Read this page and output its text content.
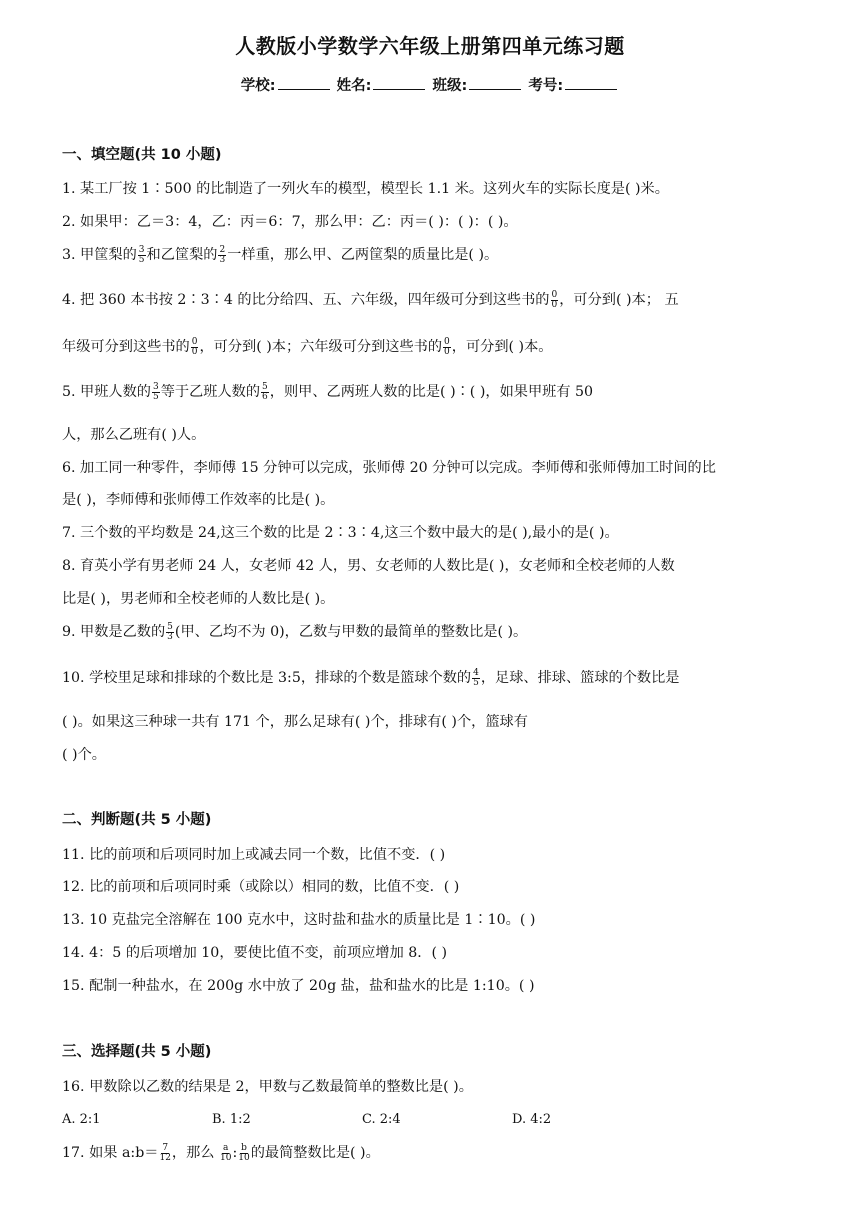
人教版小学数学六年级上册第四单元练习题
学校:	姓名:	班级:	考号:
一、填空题(共 10 小题)
1. 某工厂按 1∶500 的比制造了一列火车的模型，模型长 1.1 米。这列火车的实际长度是( )米。
2. 如果甲：乙＝3：4，乙：丙＝6：7，那么甲：乙：丙＝( )：( )：( )。
3. 甲筐梨的 $\frac{3}{5}$ 和乙筐梨的 $\frac{2}{3}$ 一样重，那么甲、乙两筐梨的质量比是( )。
4. 把 360 本书按 2∶3∶4 的比分给四、五、六年级，四年级可分到这些书的 $\frac{0}{0}$ ，可分到( )本； 五
年级可分到这些书的 $\frac{0}{0}$ ，可分到( )本；六年级可分到这些书的 $\frac{0}{0}$ ，可分到( )本。
5. 甲班人数的 $\frac{3}{5}$ 等于乙班人数的 $\frac{5}{6}$ ，则甲、乙两班人数的比是( )∶( )，如果甲班有 50
人，那么乙班有( )人。
6. 加工同一种零件，李师傅 15 分钟可以完成，张师傅 20 分钟可以完成。李师傅和张师傅加工时间的比
是( )，李师傅和张师傅工作效率的比是( )。
7. 三个数的平均数是 24,这三个数的比是 2∶3∶4,这三个数中最大的是( ),最小的是( )。
8. 育英小学有男老师 24 人，女老师 42 人，男、女老师的人数比是( )，女老师和全校老师的人数
比是( )，男老师和全校老师的人数比是( )。
9. 甲数是乙数的 $\frac{5}{3}$ (甲、乙均不为 0)，乙数与甲数的最简单的整数比是( )。
10. 学校里足球和排球的个数比是 3:5，排球的个数是篮球个数的 $\frac{4}{5}$ ，足球、排球、篮球的个数比是
( )。如果这三种球一共有 171 个，那么足球有( )个，排球有( )个，篮球有
( )个。
二、判断题(共 5 小题)
11. 比的前项和后项同时加上或减去同一个数，比值不变．( )
12. 比的前项和后项同时乘（或除以）相同的数，比值不变．( )
13. 10 克盐完全溶解在 100 克水中，这时盐和盐水的质量比是 1∶10。( )
14. 4：5 的后项增加 10，要使比值不变，前项应增加 8．( )
15. 配制一种盐水，在 200g 水中放了 20g 盐，盐和盐水的比是 1:10。( )
三、选择题(共 5 小题)
16. 甲数除以乙数的结果是 2，甲数与乙数最简单的整数比是( )。
A. 2:1	B. 1:2	C. 2:4	D. 4:2
17. 如果 a:b＝ $\frac{7}{12}$ ，那么 $\frac{a}{10}$ : $\frac{b}{10}$ 的最简整数比是( )。
